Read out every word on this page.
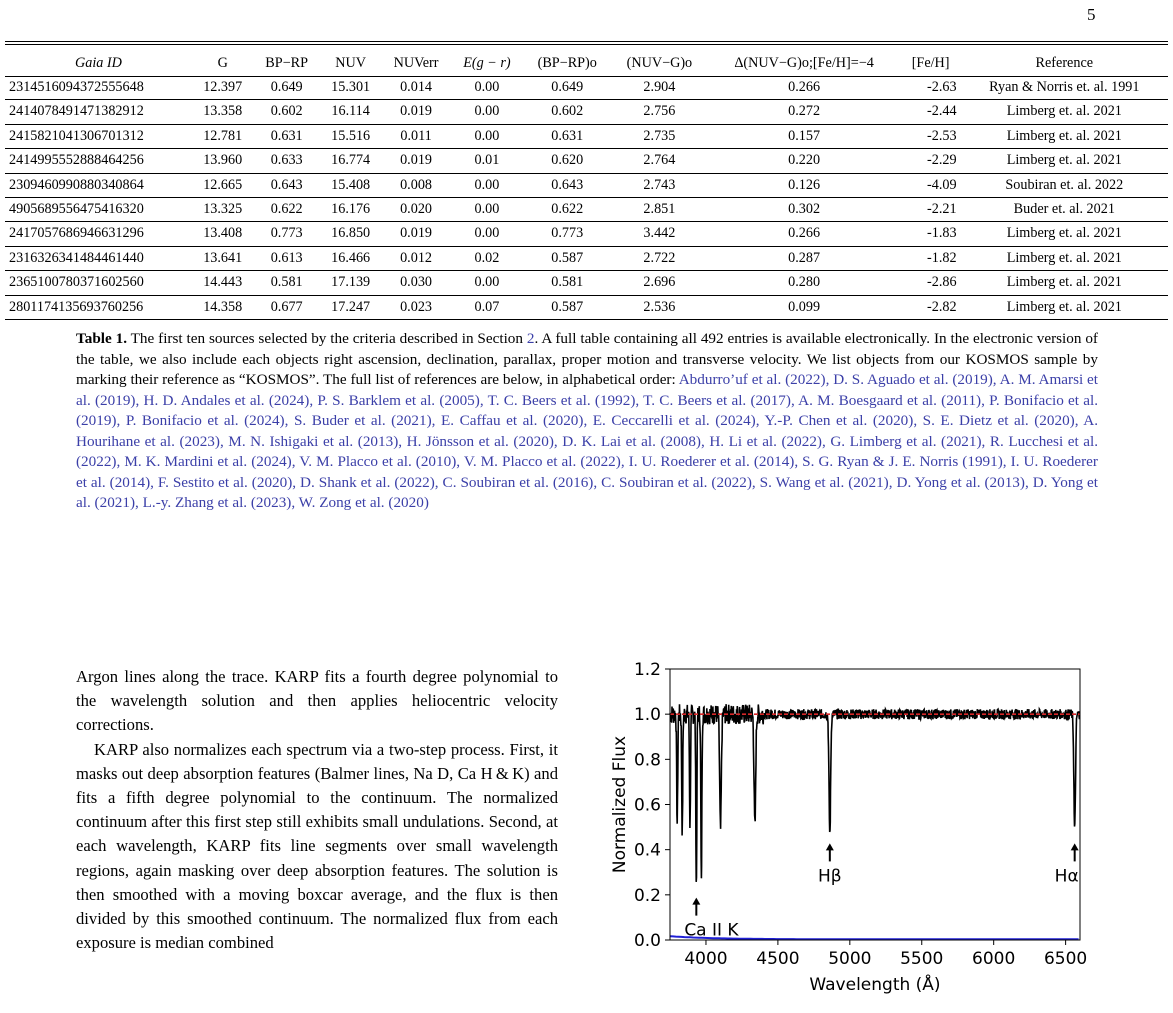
5
Gaia ID	G	BP−RP	NUV	NUVerr	E(g − r)	(BP−RP)o	(NUV−G)o	Δ(NUV−G)o;[Fe/H]=−4	[Fe/H]	Reference
2314516094372555648	12.397	0.649	15.301	0.014	0.00	0.649	2.904	0.266	-2.63	Ryan & Norris et. al. 1991
2414078491471382912	13.358	0.602	16.114	0.019	0.00	0.602	2.756	0.272	-2.44	Limberg et. al. 2021
2415821041306701312	12.781	0.631	15.516	0.011	0.00	0.631	2.735	0.157	-2.53	Limberg et. al. 2021
2414995552888464256	13.960	0.633	16.774	0.019	0.01	0.620	2.764	0.220	-2.29	Limberg et. al. 2021
2309460990880340864	12.665	0.643	15.408	0.008	0.00	0.643	2.743	0.126	-4.09	Soubiran et. al. 2022
4905689556475416320	13.325	0.622	16.176	0.020	0.00	0.622	2.851	0.302	-2.21	Buder et. al. 2021
2417057686946631296	13.408	0.773	16.850	0.019	0.00	0.773	3.442	0.266	-1.83	Limberg et. al. 2021
2316326341484461440	13.641	0.613	16.466	0.012	0.02	0.587	2.722	0.287	-1.82	Limberg et. al. 2021
2365100780371602560	14.443	0.581	17.139	0.030	0.00	0.581	2.696	0.280	-2.86	Limberg et. al. 2021
2801174135693760256	14.358	0.677	17.247	0.023	0.07	0.587	2.536	0.099	-2.82	Limberg et. al. 2021
Table 1. The first ten sources selected by the criteria described in Section 2. A full table containing all 492 entries is available electronically. In the electronic version of the table, we also include each objects right ascension, declination, parallax, proper motion and transverse velocity. We list objects from our KOSMOS sample by marking their reference as “KOSMOS”. The full list of references are below, in alphabetical order: Abdurro’uf et al. (2022), D. S. Aguado et al. (2019), A. M. Amarsi et al. (2019), H. D. Andales et al. (2024), P. S. Barklem et al. (2005), T. C. Beers et al. (1992), T. C. Beers et al. (2017), A. M. Boesgaard et al. (2011), P. Bonifacio et al. (2019), P. Bonifacio et al. (2024), S. Buder et al. (2021), E. Caffau et al. (2020), E. Ceccarelli et al. (2024), Y.-P. Chen et al. (2020), S. E. Dietz et al. (2020), A. Hourihane et al. (2023), M. N. Ishigaki et al. (2013), H. Jönsson et al. (2020), D. K. Lai et al. (2008), H. Li et al. (2022), G. Limberg et al. (2021), R. Lucchesi et al. (2022), M. K. Mardini et al. (2024), V. M. Placco et al. (2010), V. M. Placco et al. (2022), I. U. Roederer et al. (2014), S. G. Ryan & J. E. Norris (1991), I. U. Roederer et al. (2014), F. Sestito et al. (2020), D. Shank et al. (2022), C. Soubiran et al. (2016), C. Soubiran et al. (2022), S. Wang et al. (2021), D. Yong et al. (2013), D. Yong et al. (2021), L.-y. Zhang et al. (2023), W. Zong et al. (2020)

Argon lines along the trace. KARP fits a fourth degree polynomial to the wavelength solution and then applies heliocentric velocity corrections.

KARP also normalizes each spectrum via a two-step process. First, it masks out deep absorption features (Balmer lines, Na D, Ca H & K) and fits a fifth degree polynomial to the continuum. The normalized continuum after this first step still exhibits small undulations. Second, at each wavelength, KARP fits line segments over small wavelength regions, again masking over deep absorption features. The solution is then smoothed with a moving boxcar average, and the flux is then divided by this smoothed continuum. The normalized flux from each exposure is median combined

4000 4500 5000 5500 6000 6500
0.0
0.2
0.4
0.6
0.8
1.0
1.2
Wavelength (Å)
Normalized Flux
Ca II K
Hβ	Hα
